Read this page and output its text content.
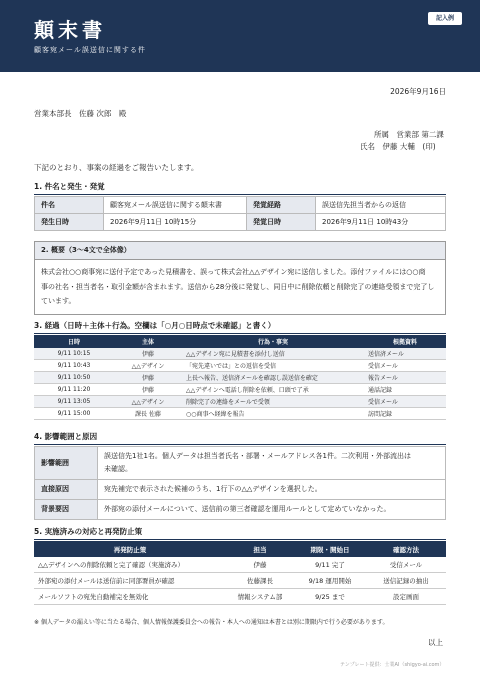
顛末書
顧客宛メール誤送信に関する件
記入例
2026年9月16日
営業本部長　佐藤 次郎　殿
所属　営業部 第二課
氏名　伊藤 大輔　(印)
下記のとおり、事案の経過をご報告いたします。
1. 件名と発生・発覚
件名	顧客宛メール誤送信に関する顛末書	発覚経路	誤送信先担当者からの返信
発生日時	2026年9月11日 10時15分	発覚日時	2026年9月11日 10時43分
2. 概要（3〜4文で全体像）
株式会社○○商事宛に送付予定であった見積書を、誤って株式会社△△デザイン宛に送信しました。添付ファイルには○○商
事の社名・担当者名・取引金額が含まれます。送信から28分後に発覚し、同日中に削除依頼と削除完了の連絡受領まで完了し
ています。
3. 経過（日時＋主体＋行為。空欄は「○月○日時点で未確認」と書く）
日時	主体	行為・事実	根拠資料
9/11 10:15	伊藤	△△デザイン宛に見積書を添付し送信	送信済メール
9/11 10:43	△△デザイン	「宛先違いでは」との返信を受信	受信メール
9/11 10:50	伊藤	上長へ報告、送信済メールを確認し誤送信を確定	報告メール
9/11 11:20	伊藤	△△デザインへ電話し削除を依頼、口頭で了承	通話記録
9/11 13:05	△△デザイン	削除完了の連絡をメールで受領	受信メール
9/11 15:00	課長 佐藤	○○商事へ経緯を報告	訪問記録
4. 影響範囲と原因
影響範囲	誤送信先1社1名。個人データは担当者氏名・部署・メールアドレス各1件。二次利用・外部流出は
未確認。

直接原因	宛先補完で表示された候補のうち、1行下の△△デザインを選択した。
背景要因	外部宛の添付メールについて、送信前の第三者確認を運用ルールとして定めていなかった。
5. 実施済みの対応と再発防止策
再発防止策	担当	期限・開始日	確認方法
△△デザインへの削除依頼と完了確認（実施済み）	伊藤	9/11 完了	受信メール
外部宛の添付メールは送信前に同部署員が確認	佐藤課長	9/18 運用開始	送信記録の抽出
メールソフトの宛先自動補完を無効化	情報システム部	9/25 まで	設定画面
※ 個人データの漏えい等に当たる場合、個人情報保護委員会への報告・本人への通知は本書とは別に期限内で行う必要があります。
以上
テンプレート提供：士業AI（shigyo-ai.com）
